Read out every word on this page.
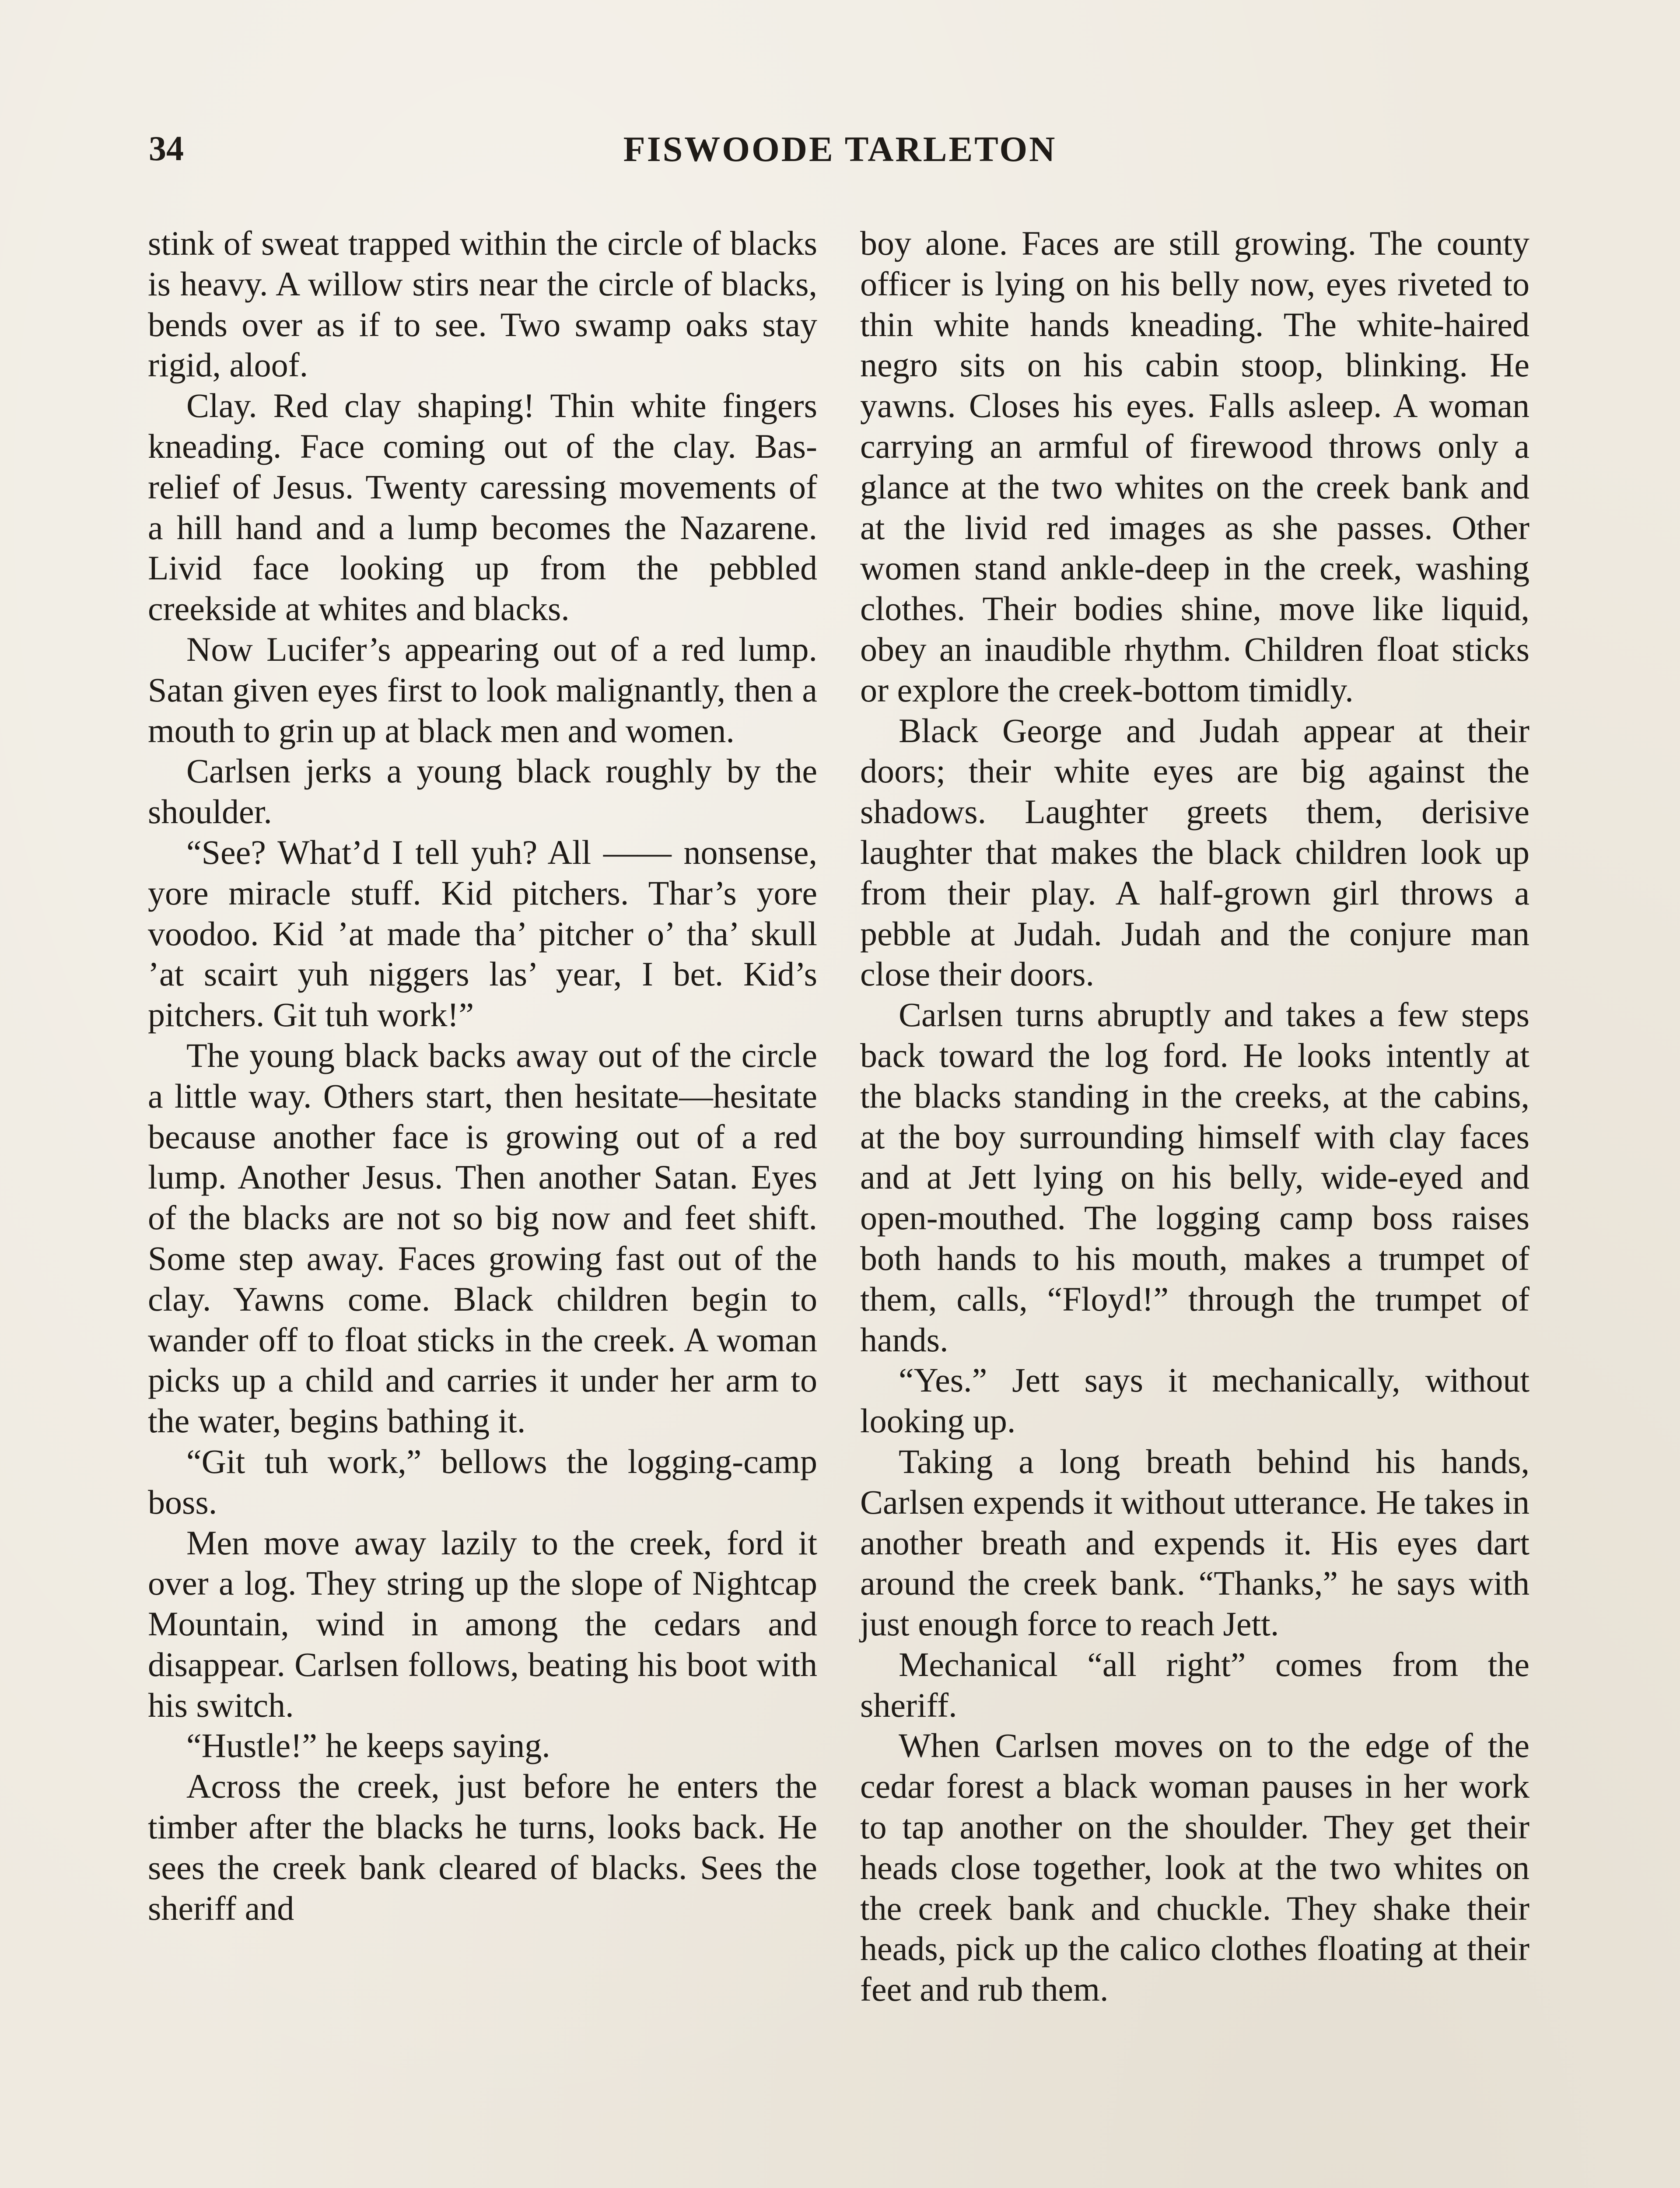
34	FISWOODE TARLETON

stink of sweat trapped within the circle of blacks is heavy. A willow stirs near the circle of blacks, bends over as if to see. Two swamp oaks stay rigid, aloof.

Clay. Red clay shaping! Thin white fingers kneading. Face coming out of the clay. Bas-relief of Jesus. Twenty caressing movements of a hill hand and a lump becomes the Nazarene. Livid face looking up from the pebbled creekside at whites and blacks.

Now Lucifer’s appearing out of a red lump. Satan given eyes first to look malignantly, then a mouth to grin up at black men and women.

Carlsen jerks a young black roughly by the shoulder.

“See? What’d I tell yuh? All —— nonsense, yore miracle stuff. Kid pitchers. Thar’s yore voodoo. Kid ’at made tha’ pitcher o’ tha’ skull ’at scairt yuh niggers las’ year, I bet. Kid’s pitchers. Git tuh work!”

The young black backs away out of the circle a little way. Others start, then hesitate—hesitate because another face is growing out of a red lump. Another Jesus. Then another Satan. Eyes of the blacks are not so big now and feet shift. Some step away. Faces growing fast out of the clay. Yawns come. Black children begin to wander off to float sticks in the creek. A woman picks up a child and carries it under her arm to the water, begins bathing it.

“Git tuh work,” bellows the logging-camp boss.

Men move away lazily to the creek, ford it over a log. They string up the slope of Nightcap Mountain, wind in among the cedars and disappear. Carlsen follows, beating his boot with his switch.

“Hustle!” he keeps saying.

Across the creek, just before he enters the timber after the blacks he turns, looks back. He sees the creek bank cleared of blacks. Sees the sheriff and

boy alone. Faces are still growing. The county officer is lying on his belly now, eyes riveted to thin white hands kneading. The white-haired negro sits on his cabin stoop, blinking. He yawns. Closes his eyes. Falls asleep. A woman carrying an armful of firewood throws only a glance at the two whites on the creek bank and at the livid red images as she passes. Other women stand ankle-deep in the creek, washing clothes. Their bodies shine, move like liquid, obey an inaudible rhythm. Children float sticks or explore the creek-bottom timidly.

Black George and Judah appear at their doors; their white eyes are big against the shadows. Laughter greets them, derisive laughter that makes the black children look up from their play. A half-grown girl throws a pebble at Judah. Judah and the conjure man close their doors.

Carlsen turns abruptly and takes a few steps back toward the log ford. He looks intently at the blacks standing in the creeks, at the cabins, at the boy surrounding himself with clay faces and at Jett lying on his belly, wide-eyed and open-mouthed. The logging camp boss raises both hands to his mouth, makes a trumpet of them, calls, “Floyd!” through the trumpet of hands.

“Yes.” Jett says it mechanically, without looking up.

Taking a long breath behind his hands, Carlsen expends it without utterance. He takes in another breath and expends it. His eyes dart around the creek bank. “Thanks,” he says with just enough force to reach Jett.

Mechanical “all right” comes from the sheriff.

When Carlsen moves on to the edge of the cedar forest a black woman pauses in her work to tap another on the shoulder. They get their heads close together, look at the two whites on the creek bank and chuckle. They shake their heads, pick up the calico clothes floating at their feet and rub them.
